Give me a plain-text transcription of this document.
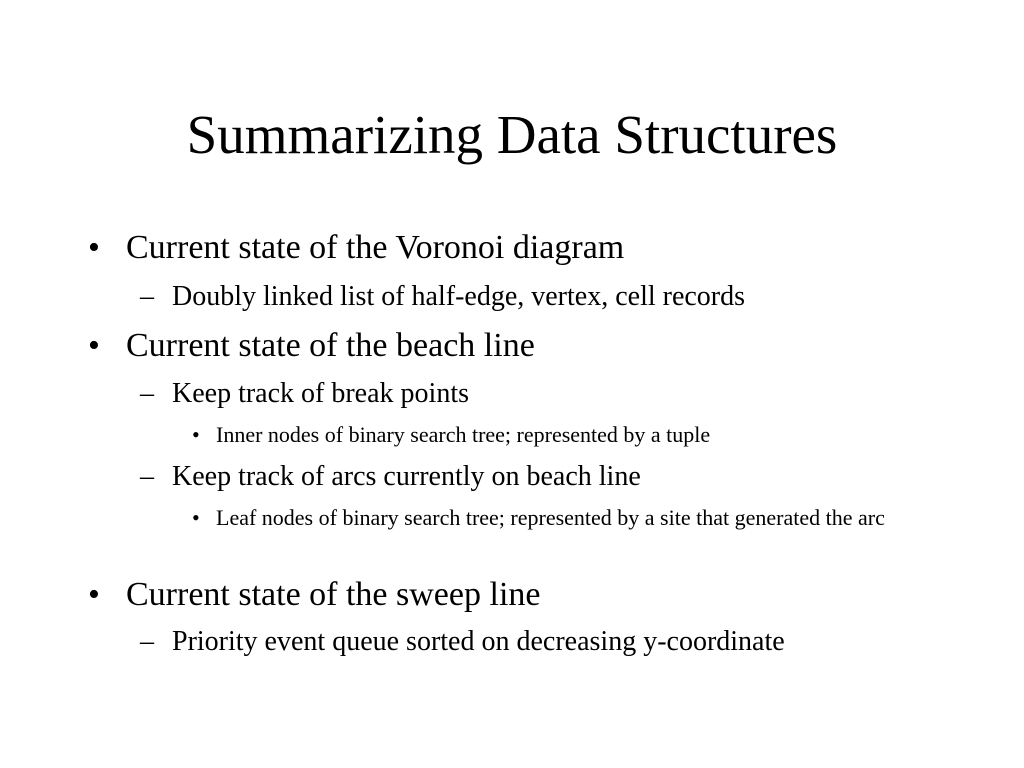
Summarizing Data Structures
• Current state of the Voronoi diagram
– Doubly linked list of half-edge, vertex, cell records
• Current state of the beach line
– Keep track of break points
• Inner nodes of binary search tree; represented by a tuple
– Keep track of arcs currently on beach line
• Leaf nodes of binary search tree; represented by a site that generated the arc
• Current state of the sweep line
– Priority event queue sorted on decreasing y-coordinate
